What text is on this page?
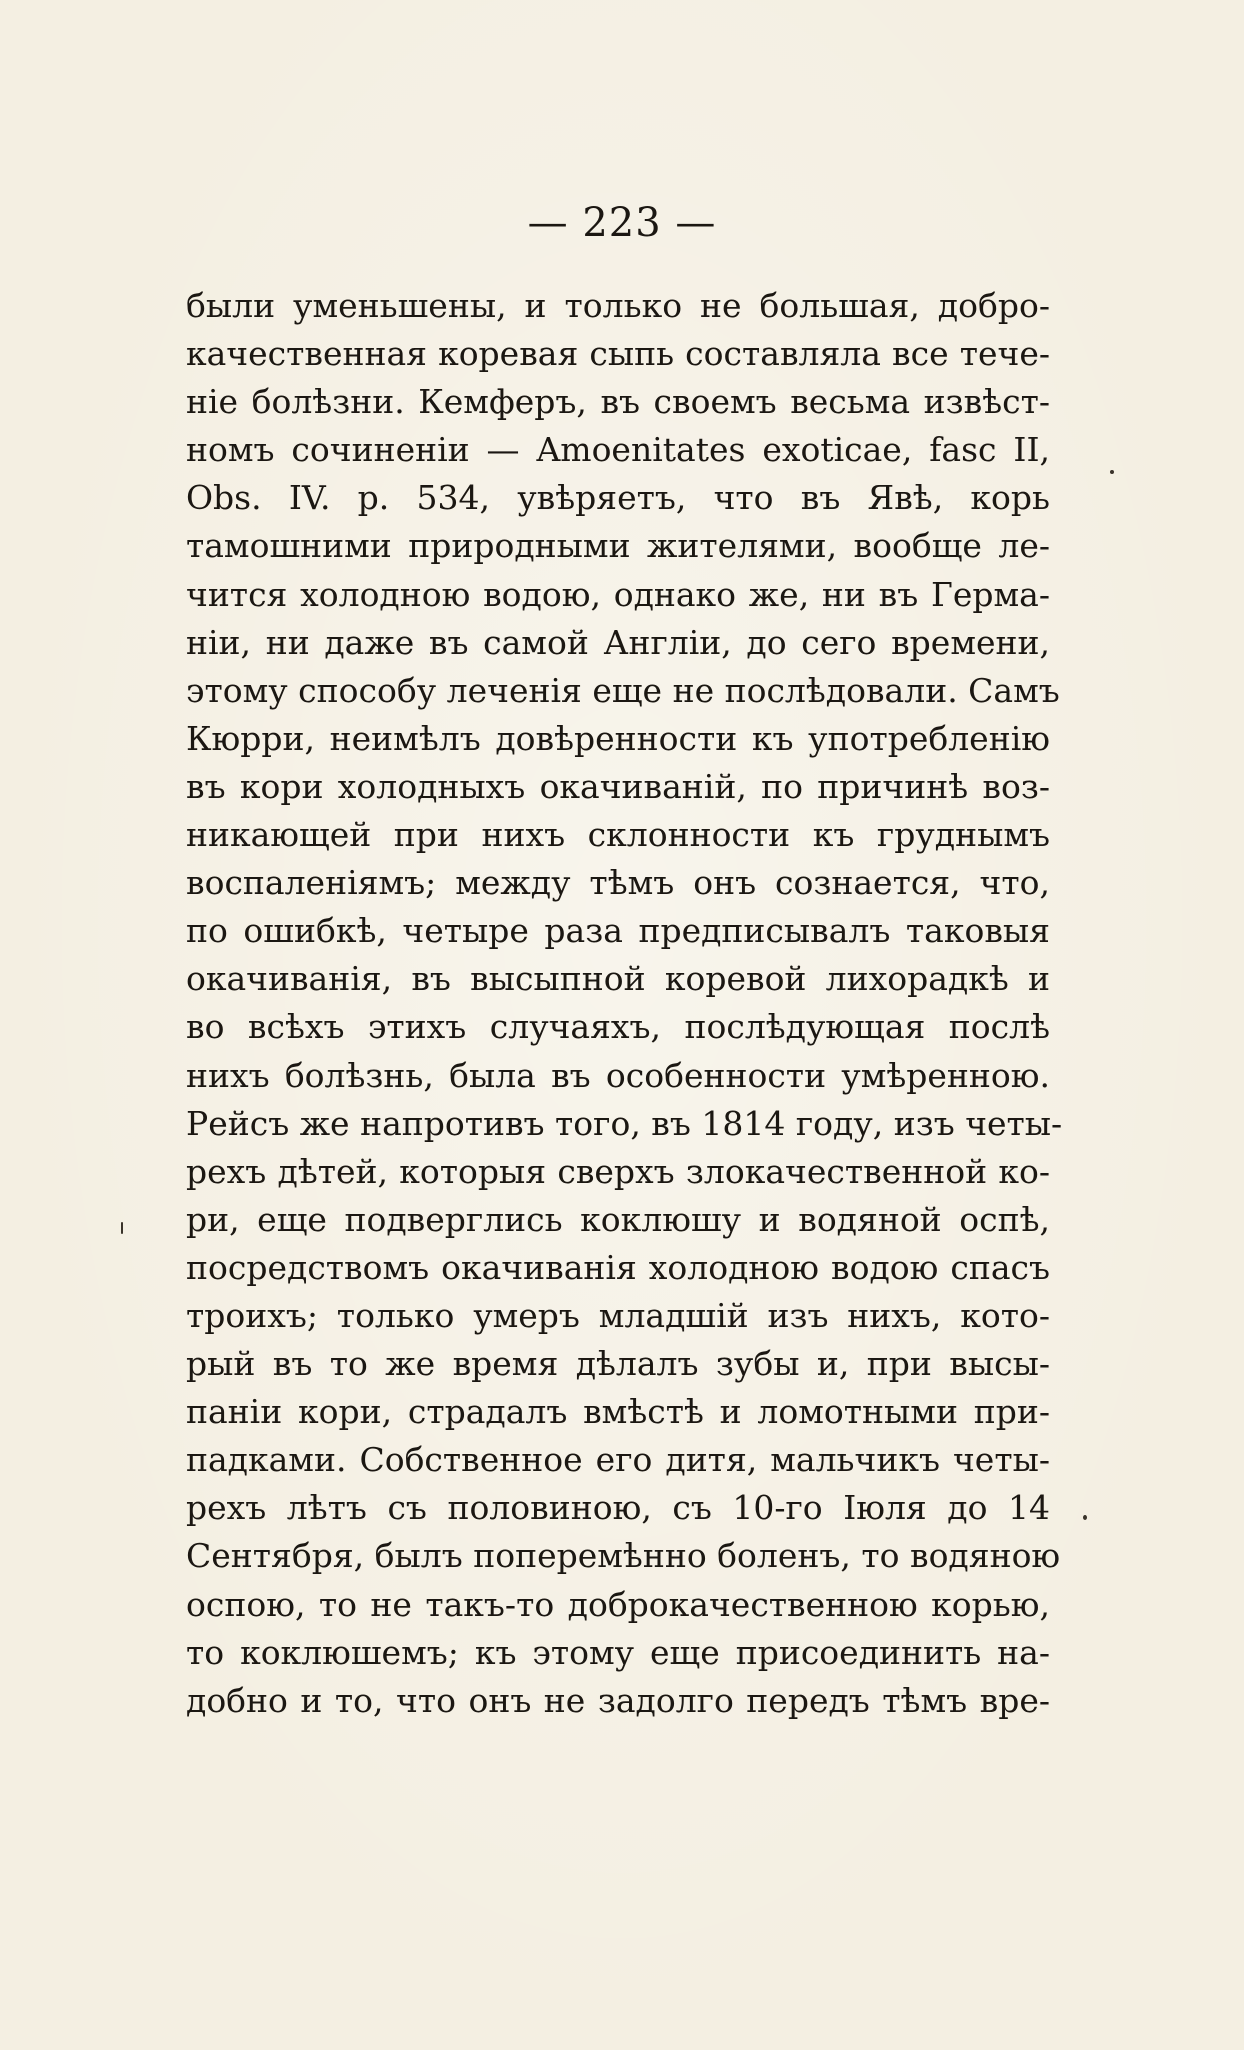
— 223 —
были уменьшены, и только не большая, добро-
качественная коревая сыпь составляла все тече-
ніе болѣзни. Кемферъ, въ своемъ весьма извѣст-
номъ сочиненіи — Amoenitates exoticae, fasc II,
Obs. IV. p. 534, увѣряетъ, что въ Явѣ, корь
тамошними природными жителями, вообще ле-
чится холодною водою, однако же, ни въ Герма-
ніи, ни даже въ самой Англіи, до сего времени,
этому способу леченія еще не послѣдовали. Самъ
Кюрри, неимѣлъ довѣренности къ употребленію
въ кори холодныхъ окачиваній, по причинѣ воз-
никающей при нихъ склонности къ груднымъ
воспаленіямъ; между тѣмъ онъ сознается, что,
по ошибкѣ, четыре раза предписывалъ таковыя
окачиванія, въ высыпной коревой лихорадкѣ и
во всѣхъ этихъ случаяхъ, послѣдующая послѣ
нихъ болѣзнь, была въ особенности умѣренною.
Рейсъ же напротивъ того, въ 1814 году, изъ четы-
рехъ дѣтей, которыя сверхъ злокачественной ко-
ри, еще подверглись коклюшу и водяной оспѣ,
посредствомъ окачиванія холодною водою спасъ
троихъ; только умеръ младшій изъ нихъ, кото-
рый въ то же время дѣлалъ зубы и, при высы-
паніи кори, страдалъ вмѣстѣ и ломотными при-
падками. Собственное его дитя, мальчикъ четы-
рехъ лѣтъ съ половиною, съ 10-го Іюля до 14
Сентября, былъ поперемѣнно боленъ, то водяною
оспою, то не такъ-то доброкачественною корью,
то коклюшемъ; къ этому еще присоединить на-
добно и то, что онъ не задолго передъ тѣмъ вре-
